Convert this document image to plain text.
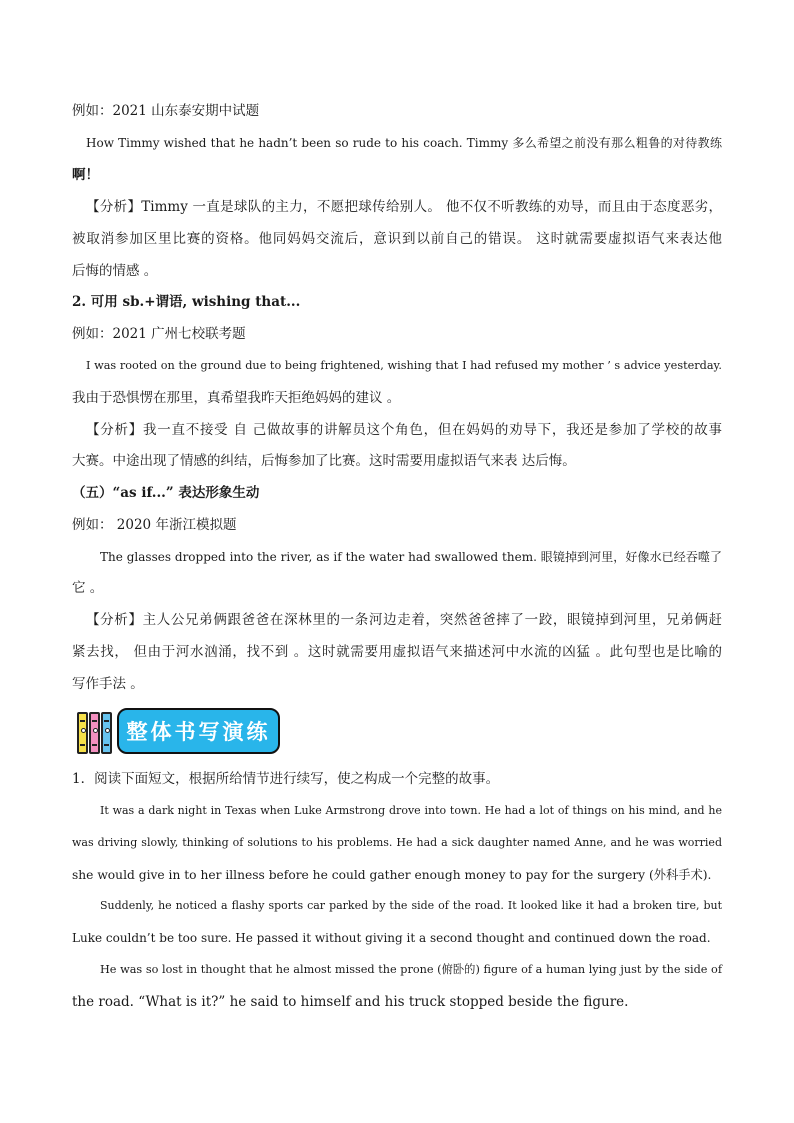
例如：2021 山东泰安期中试题

How Timmy wished that he hadn’t been so rude to his coach. Timmy 多么希望之前没有那么粗鲁的对待教练

啊！

【分析】Timmy 一直是球队的主力，不愿把球传给别人。 他不仅不听教练的劝导，而且由于态度恶劣，

被取消参加区里比赛的资格。他同妈妈交流后，意识到以前自己的错误。 这时就需要虚拟语气来表达他

后悔的情感 。

2. 可用 sb.+谓语, wishing that...

例如：2021 广州七校联考题

I was rooted on the ground due to being frightened, wishing that I had refused my mother ’ s advice yesterday.

我由于恐惧愣在那里，真希望我昨天拒绝妈妈的建议 。

【分析】我一直不接受 自 己做故事的讲解员这个角色，但在妈妈的劝导下，我还是参加了学校的故事

大赛。中途出现了情感的纠结，后悔参加了比赛。这时需要用虚拟语气来表 达后悔。

（五）“as if...” 表达形象生动

例如： 2020 年浙江模拟题

The glasses dropped into the river, as if the water had swallowed them. 眼镜掉到河里，好像水已经吞噬了

它 。

【分析】主人公兄弟俩跟爸爸在深林里的一条河边走着，突然爸爸摔了一跤，眼镜掉到河里，兄弟俩赶

紧去找， 但由于河水汹涌，找不到 。这时就需要用虚拟语气来描述河中水流的凶猛 。此句型也是比喻的

写作手法 。

整体书写演练

1．阅读下面短文，根据所给情节进行续写，使之构成一个完整的故事。

It was a dark night in Texas when Luke Armstrong drove into town. He had a lot of things on his mind, and he

was driving slowly, thinking of solutions to his problems. He had a sick daughter named Anne, and he was worried

she would give in to her illness before he could gather enough money to pay for the surgery (外科手术).

Suddenly, he noticed a flashy sports car parked by the side of the road. It looked like it had a broken tire, but

Luke couldn’t be too sure. He passed it without giving it a second thought and continued down the road.

He was so lost in thought that he almost missed the prone (俯卧的) figure of a human lying just by the side of

the road. “What is it?” he said to himself and his truck stopped beside the figure.
